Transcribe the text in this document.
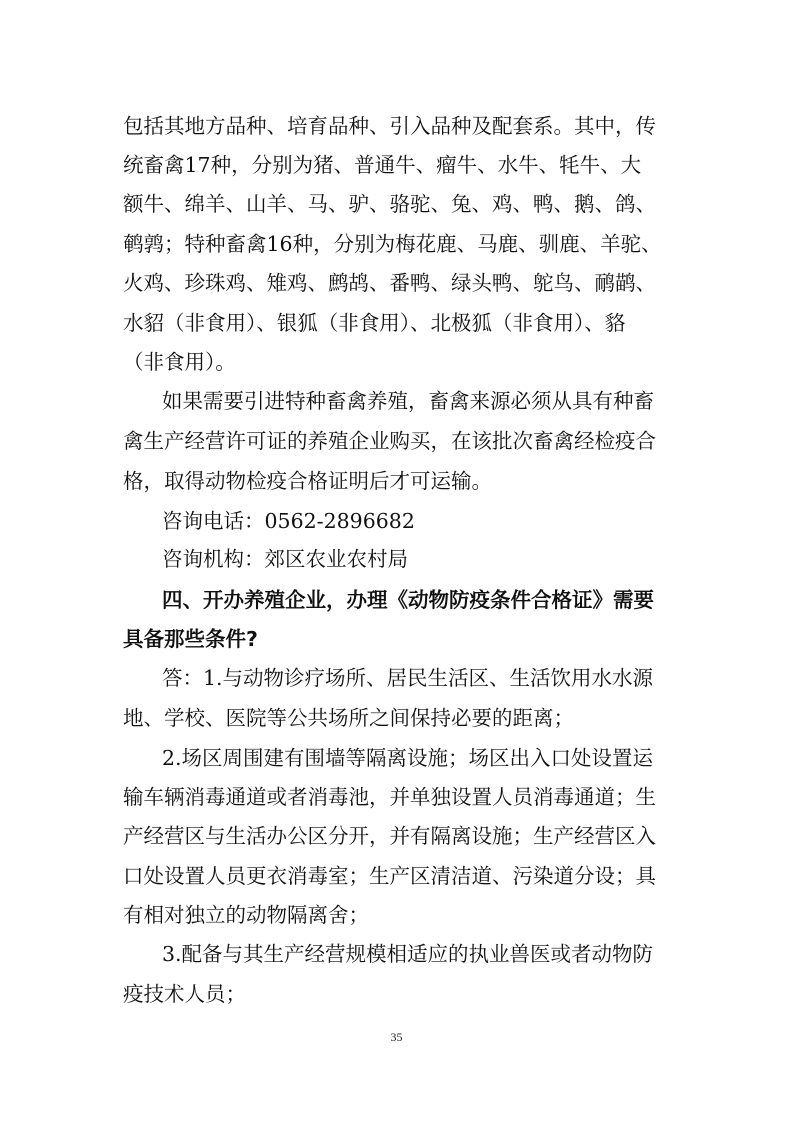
包括其地方品种、培育品种、引入品种及配套系。其中，传
统畜禽17种，分别为猪、普通牛、瘤牛、水牛、牦牛、大
额牛、绵羊、山羊、马、驴、骆驼、兔、鸡、鸭、鹅、鸽、
鹌鹑；特种畜禽16种，分别为梅花鹿、马鹿、驯鹿、羊驼、
火鸡、珍珠鸡、雉鸡、鹧鸪、番鸭、绿头鸭、鸵鸟、鸸鹋、
水貂（非食用）、银狐（非食用）、北极狐（非食用）、貉
（非食用）。
如果需要引进特种畜禽养殖，畜禽来源必须从具有种畜
禽生产经营许可证的养殖企业购买，在该批次畜禽经检疫合
格，取得动物检疫合格证明后才可运输。
咨询电话：0562-2896682
咨询机构：郊区农业农村局
四、开办养殖企业，办理《动物防疫条件合格证》需要
具备那些条件?
答：1.与动物诊疗场所、居民生活区、生活饮用水水源
地、学校、医院等公共场所之间保持必要的距离；
2.场区周围建有围墙等隔离设施；场区出入口处设置运
输车辆消毒通道或者消毒池，并单独设置人员消毒通道；生
产经营区与生活办公区分开，并有隔离设施；生产经营区入
口处设置人员更衣消毒室；生产区清洁道、污染道分设；具
有相对独立的动物隔离舍；
3.配备与其生产经营规模相适应的执业兽医或者动物防
疫技术人员；
35
